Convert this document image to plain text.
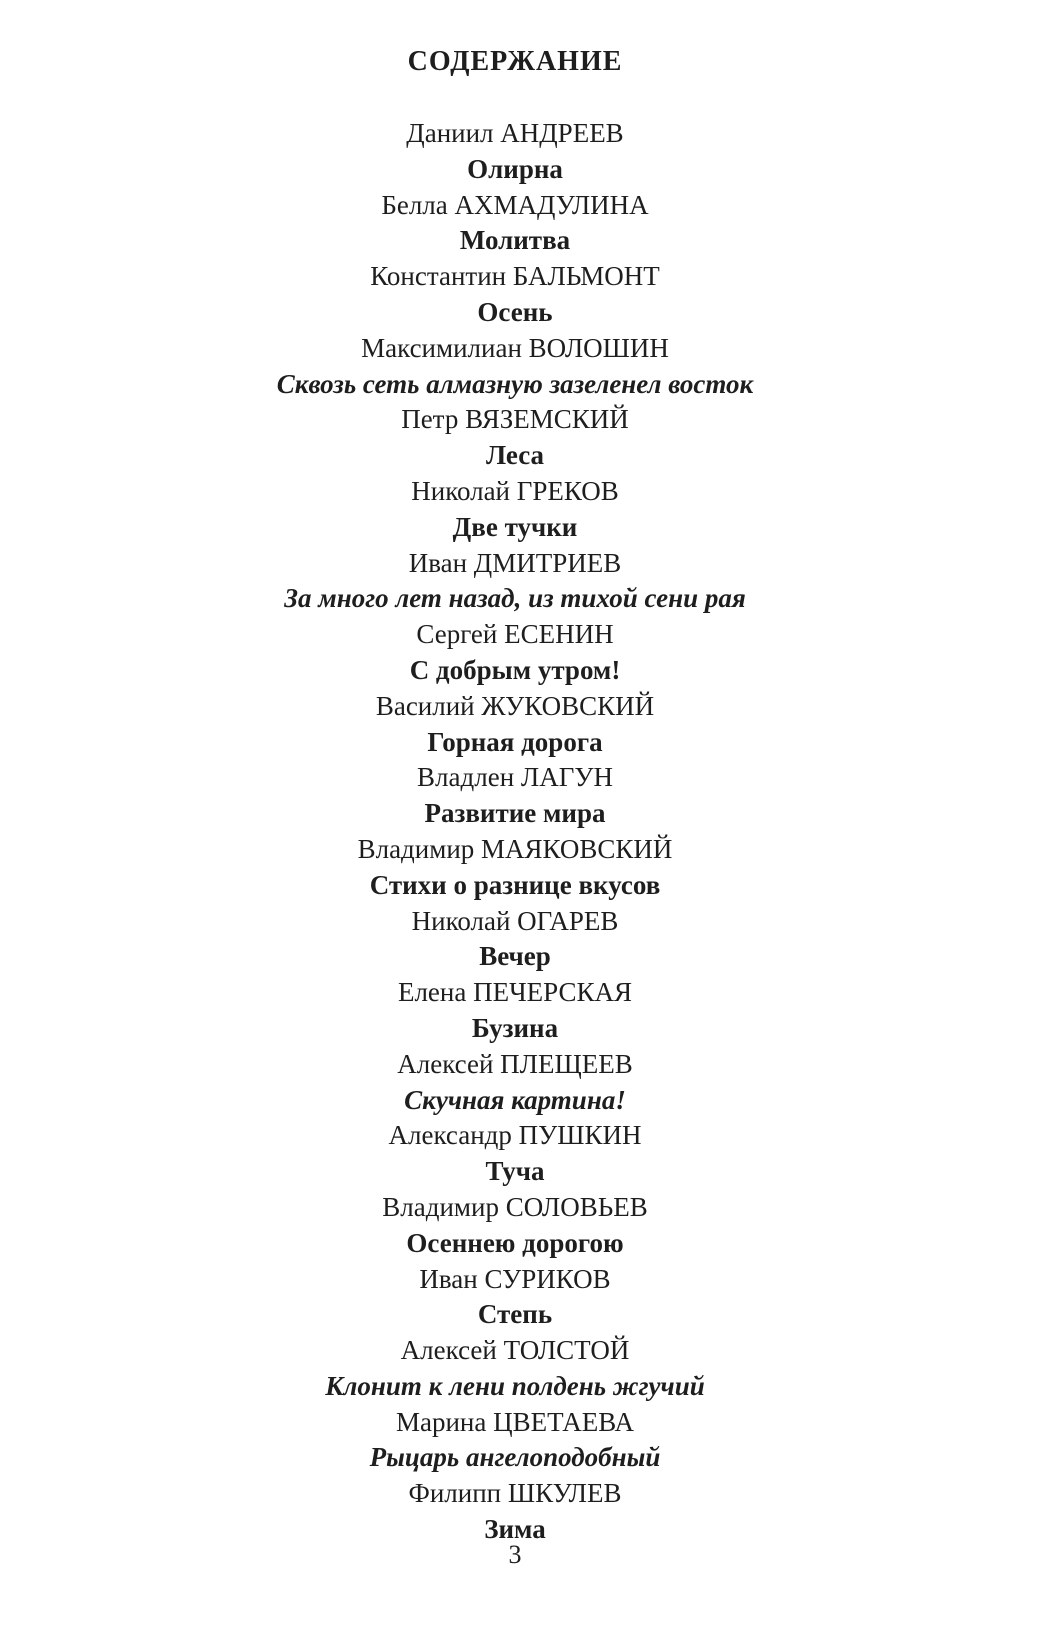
СОДЕРЖАНИЕ
Даниил АНДРЕЕВ
Олирна
Белла АХМАДУЛИНА
Молитва
Константин БАЛЬМОНТ
Осень
Максимилиан ВОЛОШИН
Сквозь сеть алмазную зазеленел восток
Петр ВЯЗЕМСКИЙ
Леса
Николай ГРЕКОВ
Две тучки
Иван ДМИТРИЕВ
За много лет назад, из тихой сени рая
Сергей ЕСЕНИН
С добрым утром!
Василий ЖУКОВСКИЙ
Горная дорога
Владлен ЛАГУН
Развитие мира
Владимир МАЯКОВСКИЙ
Стихи о разнице вкусов
Николай ОГАРЕВ
Вечер
Елена ПЕЧЕРСКАЯ
Бузина
Алексей ПЛЕЩЕЕВ
Скучная картина!
Александр ПУШКИН
Туча
Владимир СОЛОВЬЕВ
Осеннею дорогою
Иван СУРИКОВ
Степь
Алексей ТОЛСТОЙ
Клонит к лени полдень жгучий
Марина ЦВЕТАЕВА
Рыцарь ангелоподобный
Филипп ШКУЛЕВ
Зима
3
